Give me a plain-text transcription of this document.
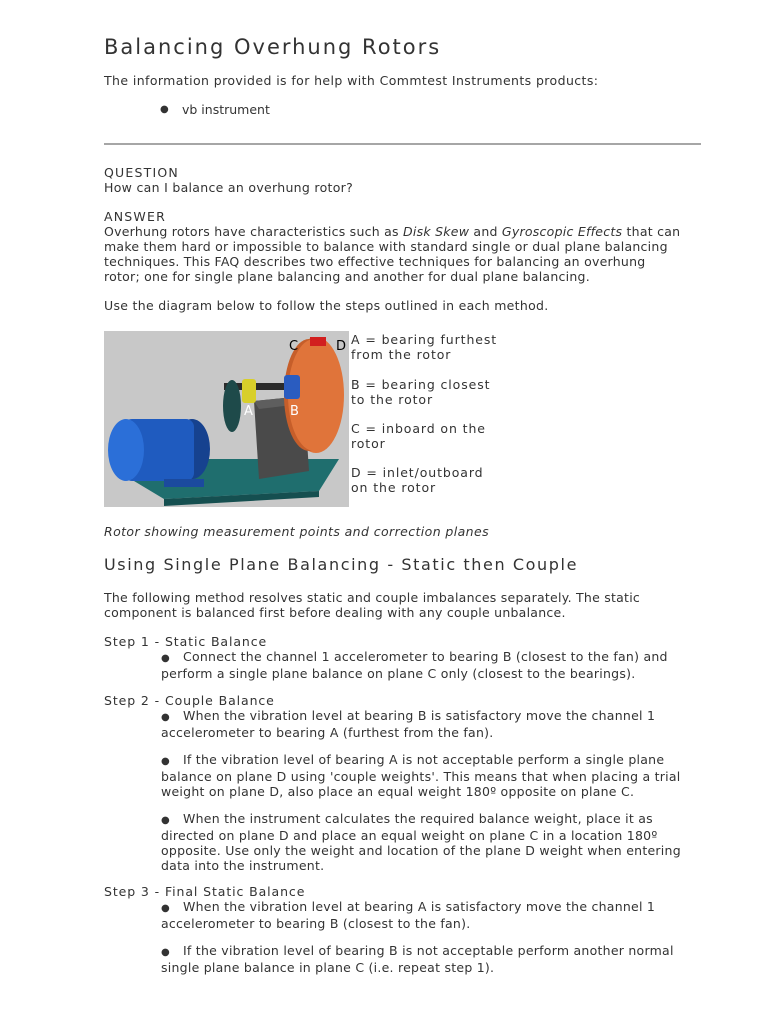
Balancing Overhung Rotors
The information provided is for help with Commtest Instruments products:
● vb instrument
QUESTION
How can I balance an overhung rotor?
ANSWER
Overhung rotors have characteristics such as Disk Skew and Gyroscopic Effects that can make them hard or impossible to balance with standard single or dual plane balancing techniques. This FAQ describes two effective techniques for balancing an overhung rotor; one for single plane balancing and another for dual plane balancing.
Use the diagram below to follow the steps outlined in each method.
C	D
A	B
A = bearing furthest from the rotor
B = bearing closest to the rotor
C = inboard on the rotor
D = inlet/outboard on the rotor
Rotor showing measurement points and correction planes
Using Single Plane Balancing - Static then Couple
The following method resolves static and couple imbalances separately. The static component is balanced first before dealing with any couple unbalance.
Step 1 - Static Balance
● Connect the channel 1 accelerometer to bearing B (closest to the fan) and perform a single plane balance on plane C only (closest to the bearings).
Step 2 - Couple Balance
● When the vibration level at bearing B is satisfactory move the channel 1 accelerometer to bearing A (furthest from the fan).
● If the vibration level of bearing A is not acceptable perform a single plane balance on plane D using 'couple weights'. This means that when placing a trial weight on plane D, also place an equal weight 180º opposite on plane C.
● When the instrument calculates the required balance weight, place it as directed on plane D and place an equal weight on plane C in a location 180º opposite. Use only the weight and location of the plane D weight when entering data into the instrument.
Step 3 - Final Static Balance
● When the vibration level at bearing A is satisfactory move the channel 1 accelerometer to bearing B (closest to the fan).
● If the vibration level of bearing B is not acceptable perform another normal single plane balance in plane C (i.e. repeat step 1).
